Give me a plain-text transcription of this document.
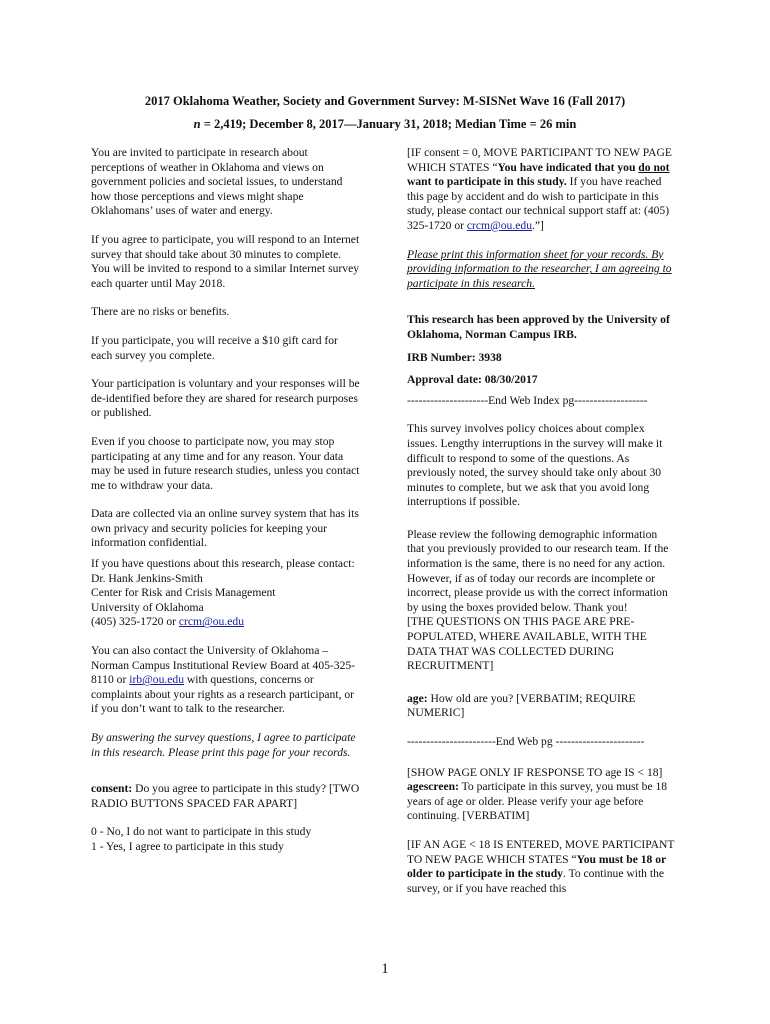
2017 Oklahoma Weather, Society and Government Survey: M-SISNet Wave 16 (Fall 2017)
n = 2,419; December 8, 2017—January 31, 2018; Median Time = 26 min

You are invited to participate in research about perceptions of weather in Oklahoma and views on government policies and societal issues, to understand how those perceptions and views might shape Oklahomans’ uses of water and energy.

If you agree to participate, you will respond to an Internet survey that should take about 30 minutes to complete. You will be invited to respond to a similar Internet survey each quarter until May 2018.

There are no risks or benefits.

If you participate, you will receive a $10 gift card for each survey you complete.

Your participation is voluntary and your responses will be de-identified before they are shared for research purposes or published.

Even if you choose to participate now, you may stop participating at any time and for any reason. Your data may be used in future research studies, unless you contact me to withdraw your data.

Data are collected via an online survey system that has its own privacy and security policies for keeping your information confidential.

If you have questions about this research, please contact:
Dr. Hank Jenkins-Smith
Center for Risk and Crisis Management
University of Oklahoma
(405) 325-1720 or crcm@ou.edu

You can also contact the University of Oklahoma – Norman Campus Institutional Review Board at 405-325-8110 or irb@ou.edu with questions, concerns or complaints about your rights as a research participant, or if you don’t want to talk to the researcher.

By answering the survey questions, I agree to participate in this research. Please print this page for your records.

consent: Do you agree to participate in this study? [TWO RADIO BUTTONS SPACED FAR APART]

0 - No, I do not want to participate in this study
1 - Yes, I agree to participate in this study

[IF consent = 0, MOVE PARTICIPANT TO NEW PAGE WHICH STATES “You have indicated that you do not want to participate in this study. If you have reached this page by accident and do wish to participate in this study, please contact our technical support staff at: (405) 325-1720 or crcm@ou.edu.”]

Please print this information sheet for your records. By providing information to the researcher, I am agreeing to participate in this research.

This research has been approved by the University of Oklahoma, Norman Campus IRB.

IRB Number: 3938

Approval date: 08/30/2017

---------------------End Web Index pg-------------------

This survey involves policy choices about complex issues. Lengthy interruptions in the survey will make it difficult to respond to some of the questions. As previously noted, the survey should take only about 30 minutes to complete, but we ask that you avoid long interruptions if possible.

Please review the following demographic information that you previously provided to our research team. If the information is the same, there is no need for any action. However, if as of today our records are incomplete or incorrect, please provide us with the correct information by using the boxes provided below. Thank you!

[THE QUESTIONS ON THIS PAGE ARE PRE-POPULATED, WHERE AVAILABLE, WITH THE DATA THAT WAS COLLECTED DURING RECRUITMENT]

age: How old are you? [VERBATIM; REQUIRE NUMERIC]

-----------------------End Web pg -----------------------

[SHOW PAGE ONLY IF RESPONSE TO age IS < 18]

agescreen: To participate in this survey, you must be 18 years of age or older. Please verify your age before continuing. [VERBATIM]

[IF AN AGE < 18 IS ENTERED, MOVE PARTICIPANT TO NEW PAGE WHICH STATES “You must be 18 or older to participate in the study. To continue with the survey, or if you have reached this

1
